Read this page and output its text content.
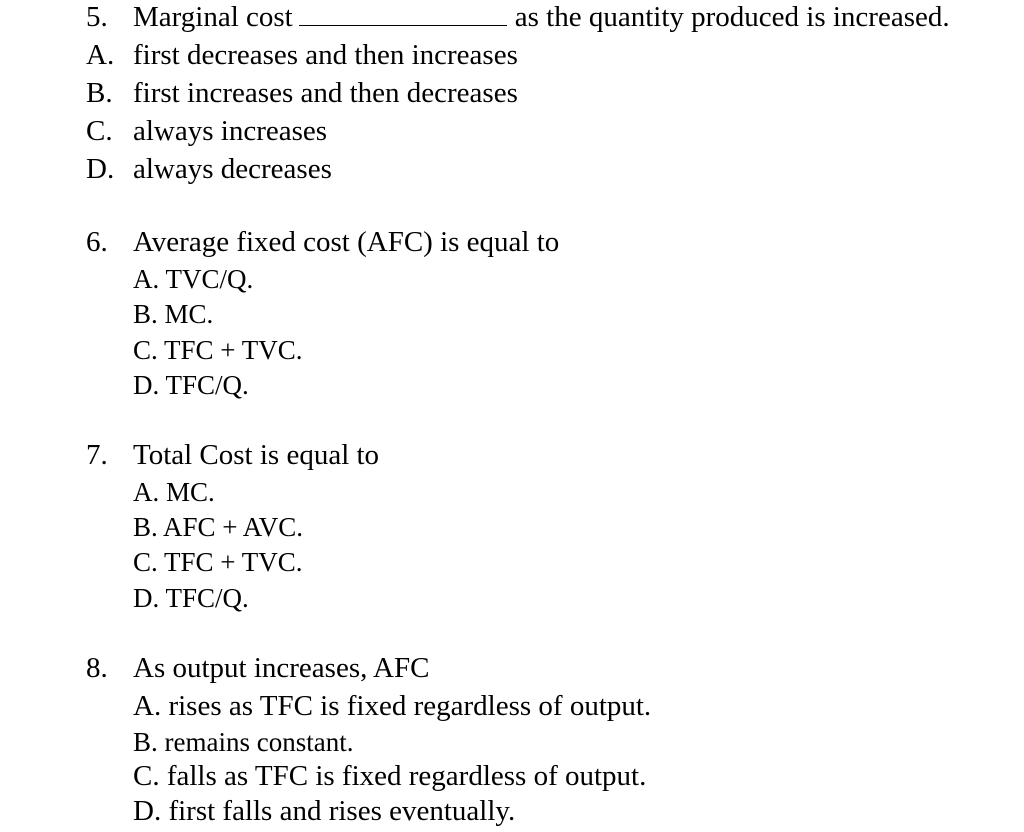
5. Marginal cost	as the quantity produced is increased.
A. first decreases and then increases
B. first increases and then decreases
C. always increases
D. always decreases
6. Average fixed cost (AFC) is equal to
A. TVC/Q.
B. MC.
C. TFC + TVC.
D. TFC/Q.
7. Total Cost is equal to
A. MC.
B. AFC + AVC.
C. TFC + TVC.
D. TFC/Q.
8. As output increases, AFC
A. rises as TFC is fixed regardless of output.
B. remains constant.
C. falls as TFC is fixed regardless of output.
D. first falls and rises eventually.
